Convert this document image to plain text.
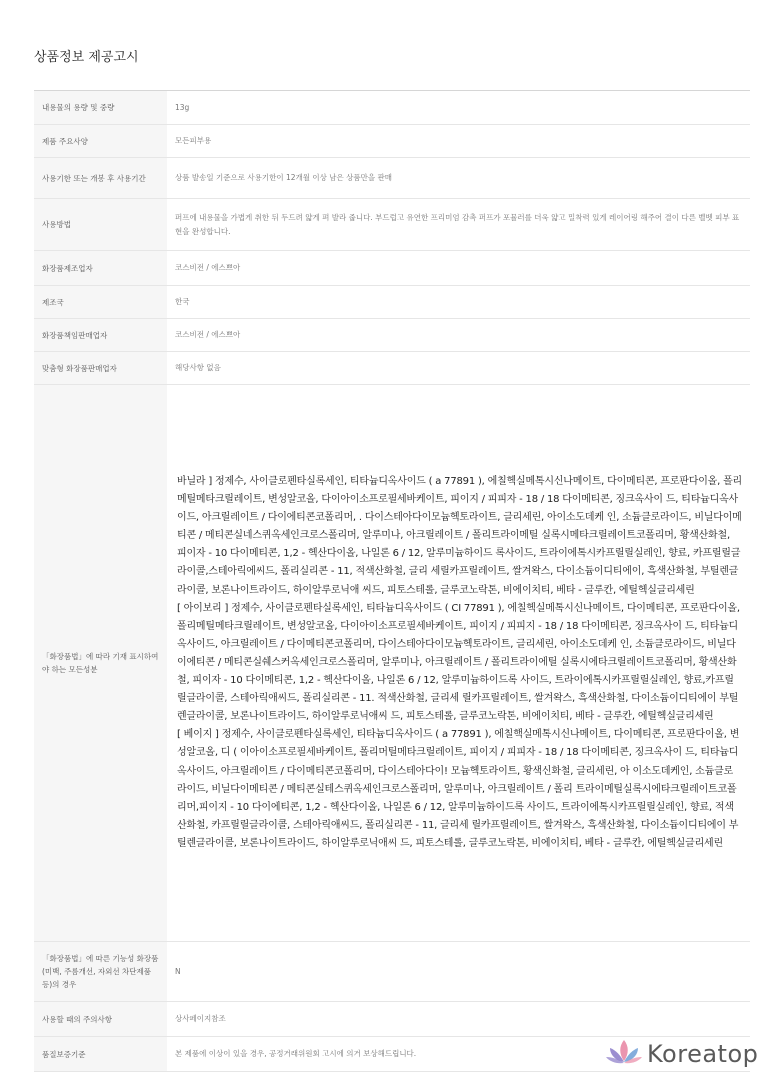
상품정보 제공고시
내용물의 용량 및 중량	13g
제품 주요사양	모든피부용
사용기한 또는 개봉 후 사용기간	상품 발송일 기준으로 사용기한이 12개월 이상 남은 상품만을 판매
사용방법	퍼프에 내용물을 가볍게 취한 뒤 두드려 얇게 펴 발라 줍니다. 부드럽고 유연한 프리미엄 감촉 퍼프가 포뮬러를 더욱 얇고 밀착력 있게 레이어링 해주어 결이 다른 벨벳 피부 표현을 완성합니다.
화장품제조업자	코스비전 / 에스쁘아
제조국	한국
화장품책임판매업자	코스비전 / 에스쁘아
맞춤형 화장품판매업자	해당사항 없음
「화장품법」에 따라 기재 표시하여야 하는 모든성분	바닐라 ] 정제수, 사이클로펜타실록세인, 티타늄디옥사이드 ( a 77891 ), 에칠헥실메톡시신나메이트, 다이메티콘, 프로판다이올, 폴리메틸메타크릴레이트, 변성알코올, 다이아이소프로필세바케이트, 피이지 / 피피자 - 18 / 18 다이메티콘, 징크옥사이 드, 티타늄디옥사이드, 아크릴레이트 / 다이에티콘코폴리머, . 다이스테아다이모늄헥토라이트, 글리세린, 아이소도데케 인, 소듐클로라이드, 비닐다이메티콘 / 메티콘실네스퀴옥세인크로스폴리머, 알루미나, 아크릴레이트 / 폴리트라이메틸 실록시메타크릴레이트코폴리머, 황색산화철, 피이자 - 10 다이메티콘, 1,2 - 헥산다이올, 나일론 6 / 12, 알루미늄하이드 록사이드, 트라이에톡시카프릴릴실레인, 향료, 카프릴릴글라이콜,스테아릭에씨드, 폴리실리콘 - 11, 적색산화철, 글리 세릴카프릴레이트, 쌀겨왁스, 다이소듐이디티에이, 흑색산화철, 부틸렌글라이콜, 보론나이트라이드, 하이알루로닉애 씨드, 피토스테롤, 글루코노락톤, 비에이치티, 베타 - 글루칸, 에틸헥실글리세린

[ 아이보리 ] 정제수, 사이클로펜타실록세인, 티타늄디옥사이드 ( CI 77891 ), 에칠헥실메톡시신나메이트, 다이메티콘, 프로판다이올, 폴리메틸메타크릴레이트, 변성알코올, 다이아이소프로필세바케이트, 피이지 / 피피지 - 18 / 18 다이메티콘, 징크옥사이 드, 티타늄디옥사이드, 아크릴레이트 / 다이메티콘코폴리머, 다이스테아다이모늄헥토라이트, 글리세린, 아이소도데케 인, 소듐클로라이드, 비닐다이에티콘 / 메티콘실쉐스커옥세인크로스폴리머, 알루미나, 아크릴레이트 / 폴리트라이에틸 실록시에타크릴레이트코폴리머, 황색산화철, 피이자 - 10 다이메티콘, 1,2 - 헥산다이올, 나일론 6 / 12, 알루미늄하이드록 사이드, 트라이에톡시카프릴릴실레인, 향료,카프릴릴글라이콜, 스테아릭애씨드, 폴리실리콘 - 11. 적색산화철, 글리세 릴카프릴레이트, 쌀겨왁스, 흑색산화철, 다이소듐이디티에이 부틸렌글라이콜, 보론나이트라이드, 하이알루로닉애씨 드, 피토스테롤, 글루코노락톤, 비에이치티, 베타 - 글루칸, 에틸헥실글리세린

[ 베이지 ] 정제수, 사이클로펜타실록세인, 티타늄디옥사이드 ( a 77891 ), 에칠핵실메톡시신나메이트, 다이메티콘, 프로판다이올, 변성알코올, 디 ( 이아이소프로필세바케이트, 폴리머틸메타크릴레이트, 피이지 / 피피자 - 18 / 18 다이메티콘, 징크옥사이 드, 티타늄디옥사이드, 아크릴레이트 / 다이메티콘코폴리머, 다이스테아다이! 모늄헥토라이트, 황색신화철, 글리세린, 아 이소도데케인, 소듐클로라이드, 비닐다이메티콘 / 메티콘실테스퀴옥세인크로스폴리머, 알루미나, 아크릴레이트 / 폴리 트라이메틸실록시에타크릴레이트코폴리머,피이지 - 10 다이에티콘, 1,2 - 헥산다이올, 나일론 6 / 12, 알루미늄하이드록 사이드, 트라이에톡시카프릴릴실레인, 향료, 적색산화철, 카프릴릴글라이콜, 스테아릭애씨드, 폴리실리콘 - 11, 글리세 릴카프릴레이트, 쌀겨왁스, 흑색산화철, 다이소듐이디티에이 부틸렌글라이콜, 보론나이트라이드, 하이알루로닉애씨 드, 피토스테롤, 글루코노락톤, 비에이치티, 베타 - 글루칸, 에틸헥실글리세린

「화장품법」에 따른 기능성 화장품(미백, 주름개선, 자외선 차단제품 등)의 경우	N
사용할 때의 주의사항	상사페이지참조
품질보증기준	본 제품에 이상이 있을 경우, 공정거래위원회 고시에 의거 보상해드립니다.	Koreatop
